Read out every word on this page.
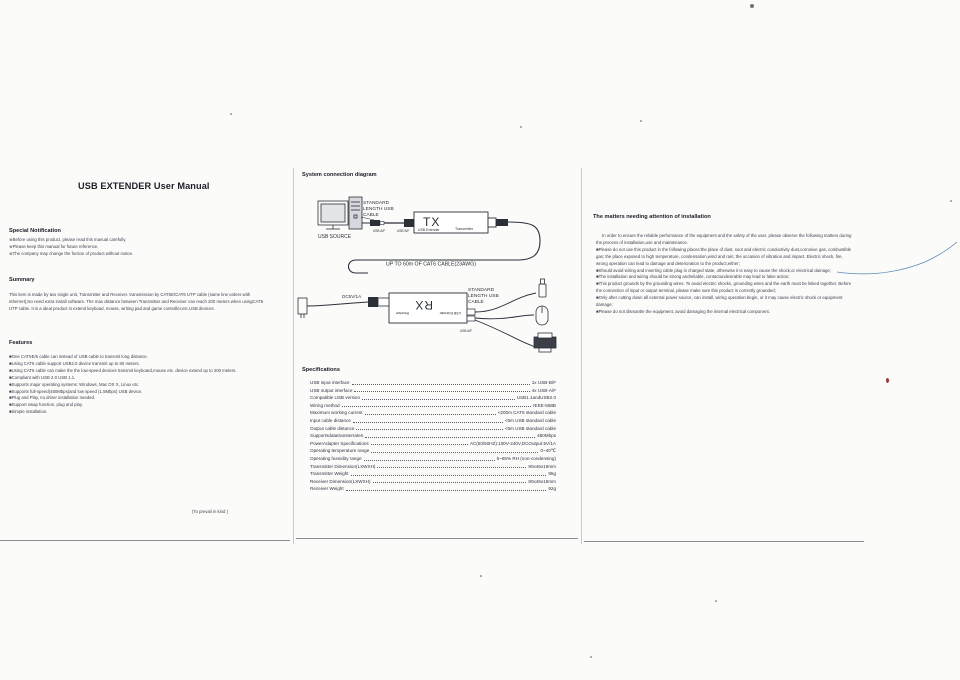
USB EXTENDER User Manual
Special Notification
※Before using this product, please read this manual carefully.
※Please keep this manual for future reference.
※The company may change the fuction of product without notice.
Summary
This item is made by two single unit, Transmitter and Receiver. transmission by CAT5E/CAT6 UTP cable (same line orders with ethernet),No need extra install software. The max distance between Transmitter and Receiver can reach 200 meters when usingCAT6 UTP cable. It is a ideal product in extend keyboad, mouse, writing pad and game controller,etc.USB devices.
Features
■One CAT5E/6 cable can instead of USB cable to transmit long distance.
■Using CAT6 cable support USB2.0 device transmit up to 60 meters.
■Using CAT6 cable can make the the low-speed devices transmit keyboard,mouse etc. device extend up to 200 meters.
■Compliant with USB 2.0 USB 1.1.
■Supports major operating systems: Windows, Mac OS X, Linux etc.
■Supports full-speed(480Mbps)and low speed (1.5Mbps) USB device.
■Plug and Play, no driver installation needed.
■Support swap function, plug and play.
■Simple installation.
(To prevail in kind )
System connection diagram
USB SOURCE
STANDARD
LENGTH USB
CABLE
USB A/F	USB B/F
TX
USB Extender	Transmitter
UP TO 60m OF CAT6 CABLE(23AWG)
DC5V/1A
RX
USB Extender
Receiver
USB A/F
STANDARD
LENGTH USB
CABLE
Specifications
USB input interface	1x USB-B/F
USB output interface	4x USB-A/F
Compatible USB version	USB1.1andUSB2.0
Wiring method	IEEE-568B
Maximum working current	<200m CAT6 standard cable
Input cable distance	<5m USB standard cable
Output cable distance	<5m USB standard cable
Supportsdatatransterrates	480Mbps
PowerAdapter Specifications	AC(50/60HZ):100V-240V,DCOutput:5V/1A
Operating temperature range	0~40℃
Operating humidity range	5~85% RH (non-condensing)
Transmitter Dimension(LXWXH)	80x46x19mm
Transmitter Weight	85g
Receiver Dimension(LXWXH)	80x46x19mm
Receiver Weight	92g
The matters needing attention of installation
In order to ensure the reliable performance of the equipment and the safety of the user, please observe the following matters during the process of installation,use and maintenance.
■Please do not use this product in the following places:the place of dust, soot and electric conductivity dust,corrosive gas, combustible gas; the place exposed to high temperature, condensation,wind and rain; the occasion of vibration and impact. Electric shock, fire, wrong operation can lead to damage and deterioration to the product,either;
■Should avoid wiring and inserting cable plug in charged state, otherwise it is easy to cause the shock,or electrical damage;
■The installation and wiring should be strong andreliable, contactundesirable may lead to false action;
■This product grounds by the grounding wires. To avoid electric shocks, grounding wires and the earth must be linked together. Before the connection of input or output terminal, please make sure this product is correctly grounded;
■Only after cutting down all external power source, can install, wiring operation begin, or it may cause electric shock or equipment damage;
■Please do not dismantle the equipment, avoid damaging the internal electrical component.
